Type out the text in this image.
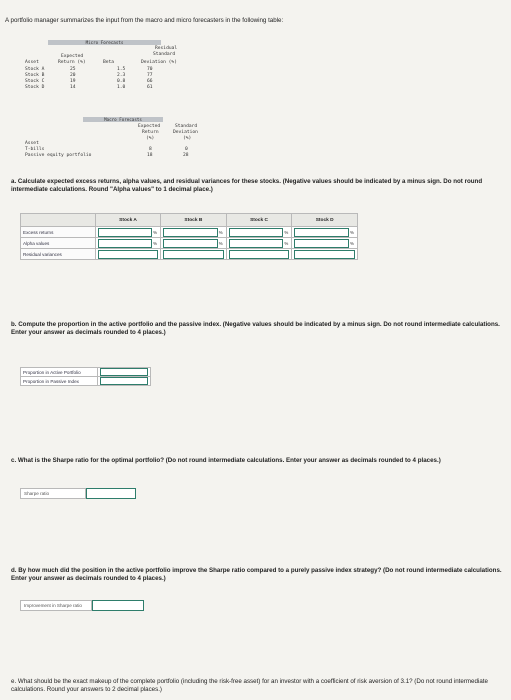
A portfolio manager summarizes the input from the macro and micro forecasters in the following table:
Micro Forecasts
Residual
Standard
Expected
Asset	Return (%)	Beta	Deviation (%)
Stock A	25	1.5	70
Stock B	20	2.3	77
Stock C	19	0.8	66
Stock D	14	1.0	61
Macro Forecasts
Expected	Standard
Return	Deviation
(%)	(%)
Asset
T-bills	8	0
Passive equity portfolio	18	28
a. Calculate expected excess returns, alpha values, and residual variances for these stocks. (Negative values should be indicated by a minus sign. Do not round intermediate calculations. Round "Alpha values" to 1 decimal place.)
	Stock A	Stock B	Stock C	Stock D
Excess returns	%	%	%	%

Alpha values	%	%	%	%

Residual variances	

b. Compute the proportion in the active portfolio and the passive index. (Negative values should be indicated by a minus sign. Do not round intermediate calculations. Enter your answer as decimals rounded to 4 places.)
Proportion in Active Portfolio	

Proportion in Passive Index	
c. What is the Sharpe ratio for the optimal portfolio? (Do not round intermediate calculations. Enter your answer as decimals rounded to 4 places.)
Sharpe ratio
d. By how much did the position in the active portfolio improve the Sharpe ratio compared to a purely passive index strategy? (Do not round intermediate calculations. Enter your answer as decimals rounded to 4 places.)
Improvement in Sharpe ratio
e. What should be the exact makeup of the complete portfolio (including the risk-free asset) for an investor with a coefficient of risk aversion of 3.1? (Do not round intermediate calculations. Round your answers to 2 decimal places.)
